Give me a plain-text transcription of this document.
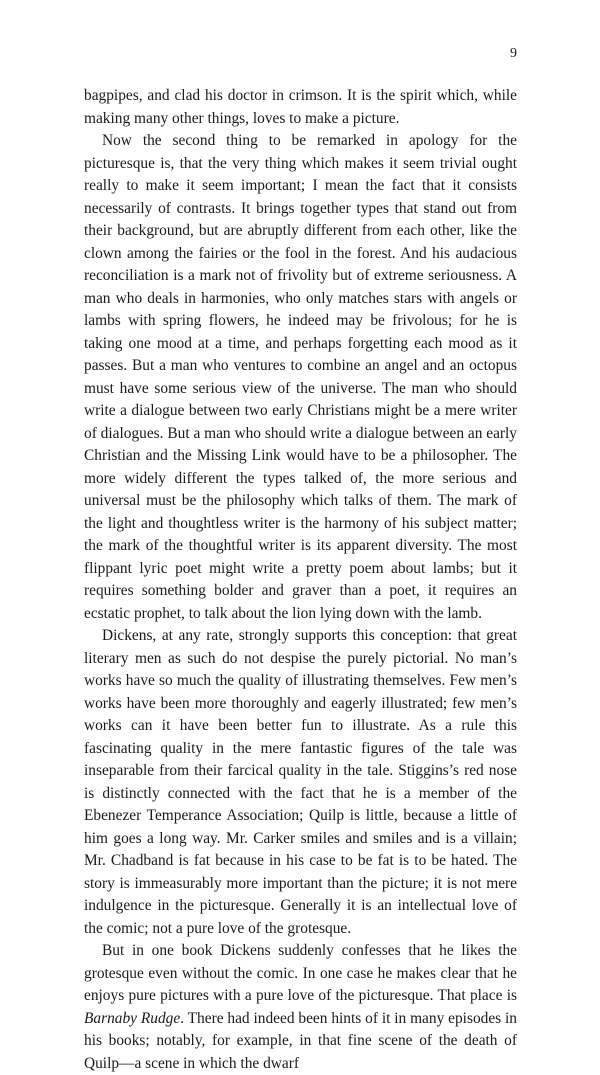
9

bagpipes, and clad his doctor in crimson. It is the spirit which, while making many other things, loves to make a picture.

Now the second thing to be remarked in apology for the picturesque is, that the very thing which makes it seem trivial ought really to make it seem important; I mean the fact that it consists necessarily of contrasts. It brings together types that stand out from their background, but are abruptly different from each other, like the clown among the fairies or the fool in the forest. And his audacious reconciliation is a mark not of frivolity but of extreme seriousness. A man who deals in harmonies, who only matches stars with angels or lambs with spring flowers, he indeed may be frivolous; for he is taking one mood at a time, and perhaps forgetting each mood as it passes. But a man who ventures to combine an angel and an octopus must have some serious view of the universe. The man who should write a dialogue between two early Christians might be a mere writer of dialogues. But a man who should write a dialogue between an early Christian and the Missing Link would have to be a philosopher. The more widely different the types talked of, the more serious and universal must be the philosophy which talks of them. The mark of the light and thoughtless writer is the harmony of his subject matter; the mark of the thoughtful writer is its apparent diversity. The most flippant lyric poet might write a pretty poem about lambs; but it requires something bolder and graver than a poet, it requires an ecstatic prophet, to talk about the lion lying down with the lamb.

Dickens, at any rate, strongly supports this conception: that great literary men as such do not despise the purely pictorial. No man’s works have so much the quality of illustrating themselves. Few men’s works have been more thoroughly and eagerly illustrated; few men’s works can it have been better fun to illustrate. As a rule this fascinating quality in the mere fantastic figures of the tale was inseparable from their farcical quality in the tale. Stiggins’s red nose is distinctly connected with the fact that he is a member of the Ebenezer Temperance Association; Quilp is little, because a little of him goes a long way. Mr. Carker smiles and smiles and is a villain; Mr. Chadband is fat because in his case to be fat is to be hated. The story is immeasurably more important than the picture; it is not mere indulgence in the picturesque. Generally it is an intellectual love of the comic; not a pure love of the grotesque.

But in one book Dickens suddenly confesses that he likes the grotesque even without the comic. In one case he makes clear that he enjoys pure pictures with a pure love of the picturesque. That place is Barnaby Rudge. There had indeed been hints of it in many episodes in his books; notably, for example, in that fine scene of the death of Quilp—a scene in which the dwarf
